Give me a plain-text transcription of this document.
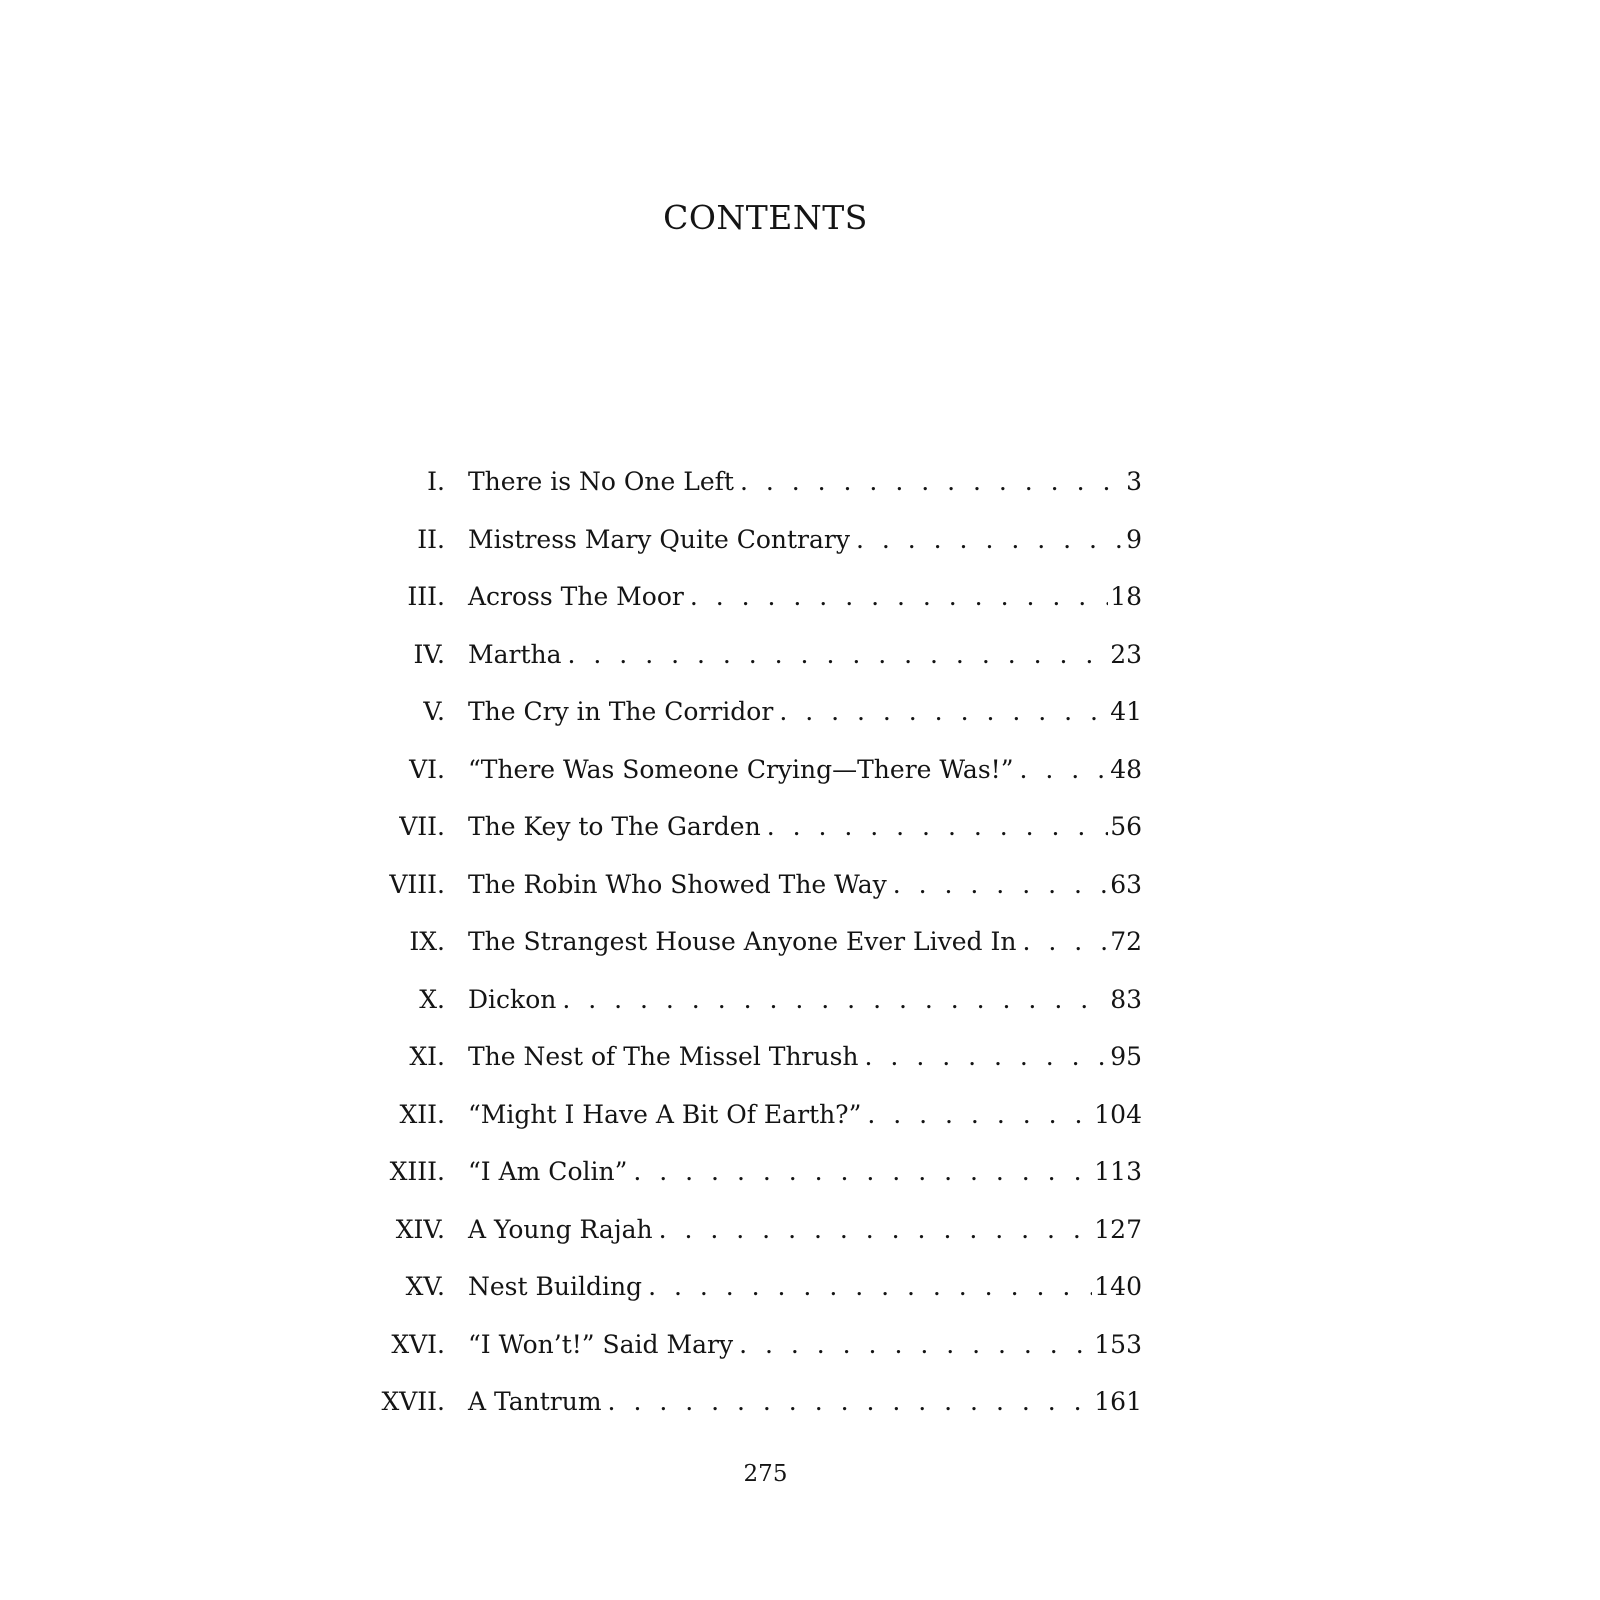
CONTENTS
I. There is No One Left . . .	3
II. Mistress Mary Quite Contrary . . .	9
III. Across The Moor . . .	18
IV. Martha . . .	23
V. The Cry in The Corridor . . .	41
VI. “There Was Someone Crying—There Was!” . . .	48
VII. The Key to The Garden . . .	56
VIII. The Robin Who Showed The Way . . .	63
IX. The Strangest House Anyone Ever Lived In . . .	72
X. Dickon . . .	83
XI. The Nest of The Missel Thrush . . .	95
XII. “Might I Have A Bit Of Earth?” . . .	104
XIII. “I Am Colin” . . .	113
XIV. A Young Rajah . . .	127
XV. Nest Building . . .	140
XVI. “I Won’t!” Said Mary . . .	153
XVII. A Tantrum . . .	161
275
